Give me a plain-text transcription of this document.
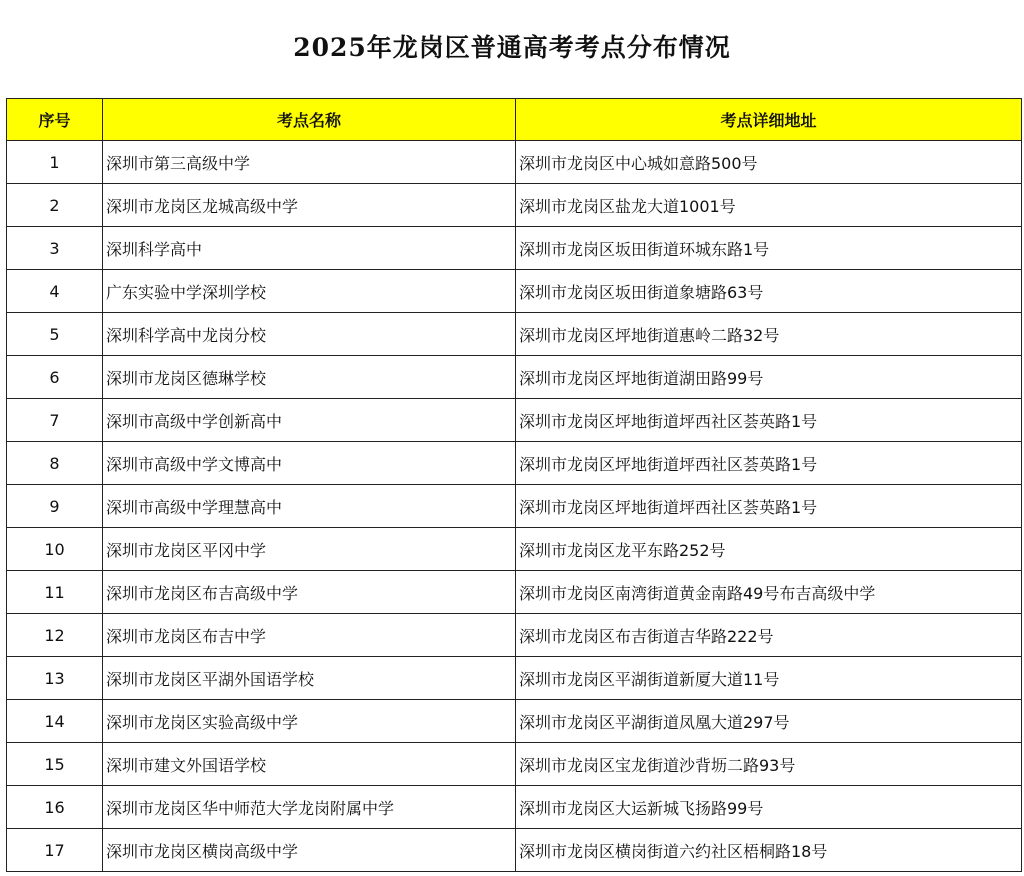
2025年龙岗区普通高考考点分布情况
序号	考点名称	考点详细地址
1	深圳市第三高级中学	深圳市龙岗区中心城如意路500号
2	深圳市龙岗区龙城高级中学	深圳市龙岗区盐龙大道1001号
3	深圳科学高中	深圳市龙岗区坂田街道环城东路1号
4	广东实验中学深圳学校	深圳市龙岗区坂田街道象塘路63号
5	深圳科学高中龙岗分校	深圳市龙岗区坪地街道惠岭二路32号
6	深圳市龙岗区德琳学校	深圳市龙岗区坪地街道湖田路99号
7	深圳市高级中学创新高中	深圳市龙岗区坪地街道坪西社区荟英路1号
8	深圳市高级中学文博高中	深圳市龙岗区坪地街道坪西社区荟英路1号
9	深圳市高级中学理慧高中	深圳市龙岗区坪地街道坪西社区荟英路1号
10	深圳市龙岗区平冈中学	深圳市龙岗区龙平东路252号
11	深圳市龙岗区布吉高级中学	深圳市龙岗区南湾街道黄金南路49号布吉高级中学
12	深圳市龙岗区布吉中学	深圳市龙岗区布吉街道吉华路222号
13	深圳市龙岗区平湖外国语学校	深圳市龙岗区平湖街道新厦大道11号
14	深圳市龙岗区实验高级中学	深圳市龙岗区平湖街道凤凰大道297号
15	深圳市建文外国语学校	深圳市龙岗区宝龙街道沙背坜二路93号
16	深圳市龙岗区华中师范大学龙岗附属中学	深圳市龙岗区大运新城飞扬路99号
17	深圳市龙岗区横岗高级中学	深圳市龙岗区横岗街道六约社区梧桐路18号
